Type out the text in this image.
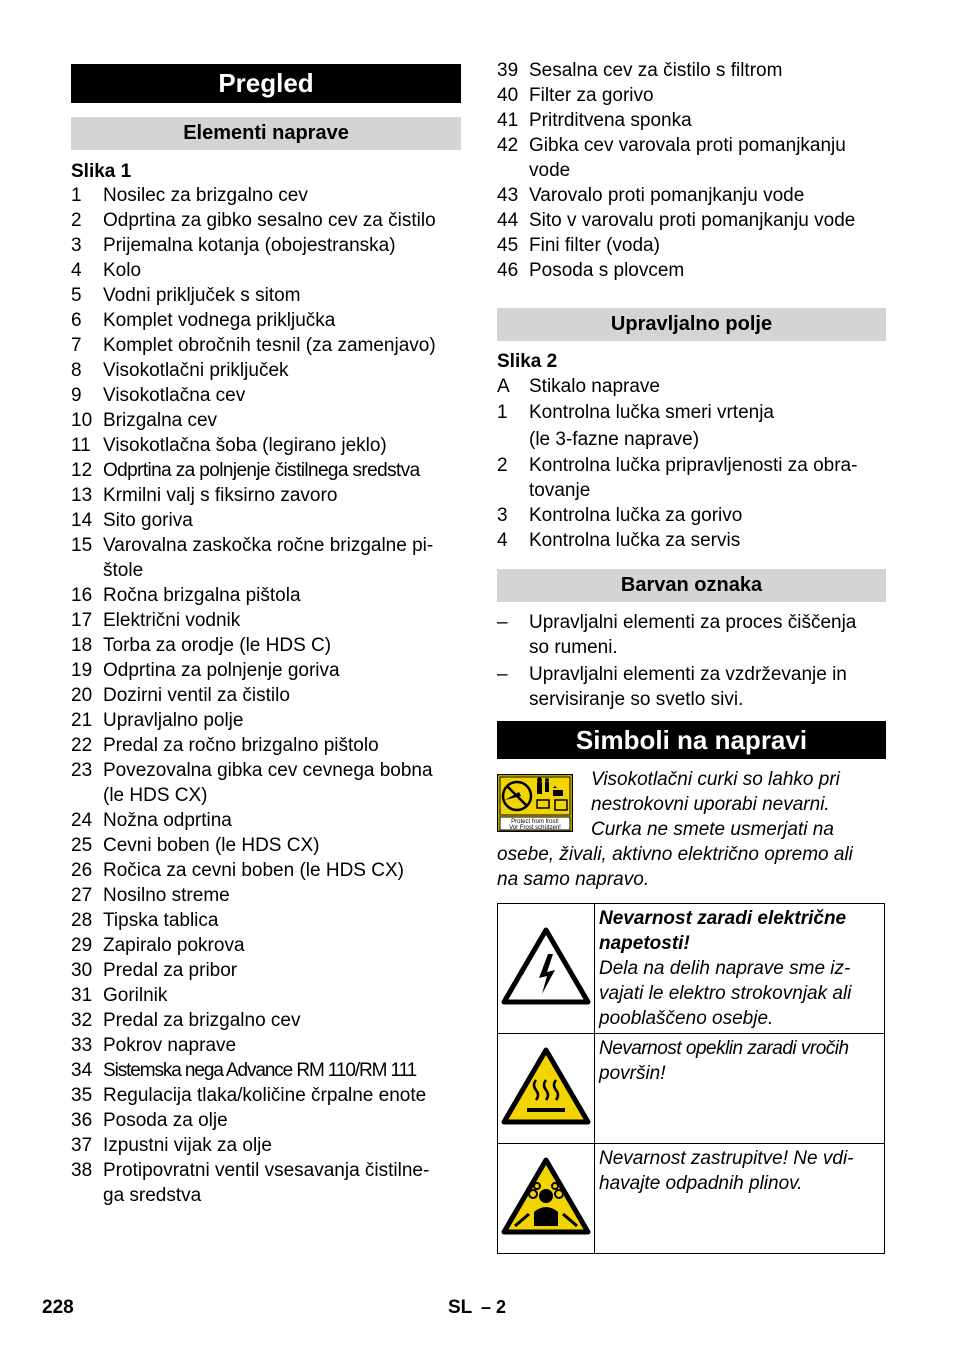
Pregled
Elementi naprave
Slika 1
1 Nosilec za brizgalno cev
2 Odprtina za gibko sesalno cev za čistilo
3 Prijemalna kotanja (obojestranska)
4 Kolo
5 Vodni priključek s sitom
6 Komplet vodnega priključka
7 Komplet obročnih tesnil (za zamenjavo)
8 Visokotlačni priključek
9 Visokotlačna cev
10 Brizgalna cev
11 Visokotlačna šoba (legirano jeklo)
12 Odprtina za polnjenje čistilnega sredstva
13 Krmilni valj s fiksirno zavoro
14 Sito goriva
15 Varovalna zaskočka ročne brizgalne pi-
štole
16 Ročna brizgalna pištola
17 Električni vodnik
18 Torba za orodje (le HDS C)
19 Odprtina za polnjenje goriva
20 Dozirni ventil za čistilo
21 Upravljalno polje
22 Predal za ročno brizgalno pištolo
23 Povezovalna gibka cev cevnega bobna
(le HDS CX)
24 Nožna odprtina
25 Cevni boben (le HDS CX)
26 Ročica za cevni boben (le HDS CX)
27 Nosilno streme
28 Tipska tablica
29 Zapiralo pokrova
30 Predal za pribor
31 Gorilnik
32 Predal za brizgalno cev
33 Pokrov naprave
34 Sistemska nega Advance RM 110/RM 111
35 Regulacija tlaka/količine črpalne enote
36 Posoda za olje
37 Izpustni vijak za olje
38 Protipovratni ventil vsesavanja čistilne-
ga sredstva
39 Sesalna cev za čistilo s filtrom
40 Filter za gorivo
41 Pritrditvena sponka
42 Gibka cev varovala proti pomanjkanju
vode
43 Varovalo proti pomanjkanju vode
44 Sito v varovalu proti pomanjkanju vode
45 Fini filter (voda)
46 Posoda s plovcem
Upravljalno polje
Slika 2
A Stikalo naprave
1 Kontrolna lučka smeri vrtenja
(le 3-fazne naprave)
2 Kontrolna lučka pripravljenosti za obra-
tovanje
3 Kontrolna lučka za gorivo
4 Kontrolna lučka za servis
Barvan oznaka
– Upravljalni elementi za proces čiščenja
so rumeni.
– Upravljalni elementi za vzdrževanje in
servisiranje so svetlo sivi.
Simboli na napravi
Protect from frost!
Vor Frost schützen!
Visokotlačni curki so lahko pri
nestrokovni uporabi nevarni.
Curka ne smete usmerjati na
osebe, živali, aktivno električno opremo ali
na samo napravo.

Nevarnost zaradi električne
napetosti!
Dela na delih naprave sme iz-
vajati le elektro strokovnjak ali
pooblaščeno osebje.

Nevarnost opeklin zaradi vročih
površin!

Nevarnost zastrupitve! Ne vdi-
havajte odpadnih plinov.
228	SL – 2
